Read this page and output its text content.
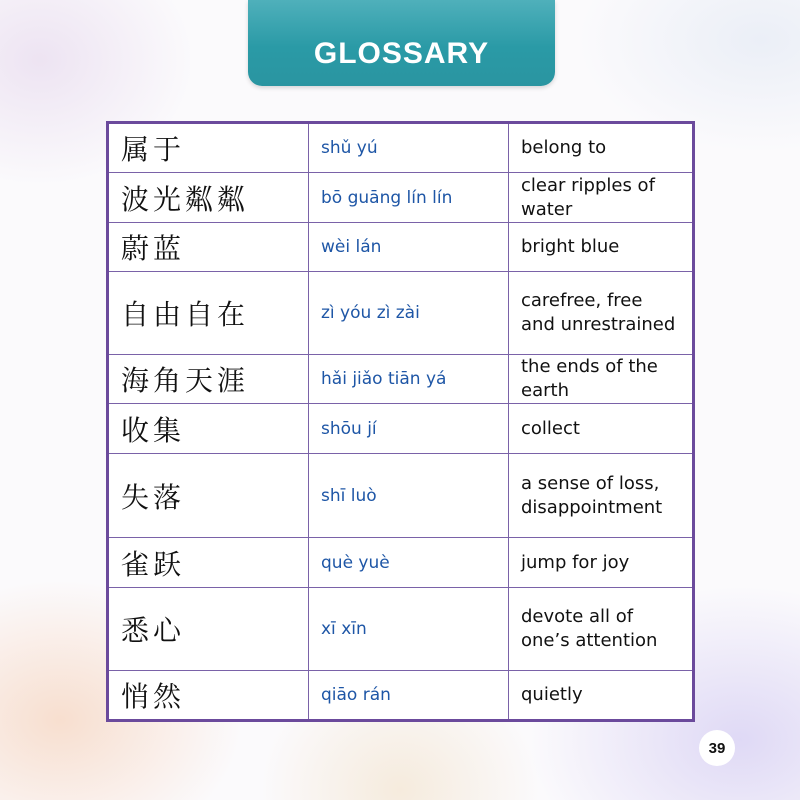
GLOSSARY
属于	shǔ yú	belong to
波光粼粼	bō guāng lín lín	clear ripples of water
蔚蓝	wèi lán	bright blue
自由自在	zì yóu zì zài	carefree, free and unrestrained
海角天涯	hǎi jiǎo tiān yá	the ends of the earth
收集	shōu jí	collect
失落	shī luò	a sense of loss, disappointment
雀跃	què yuè	jump for joy
悉心	xī xīn	devote all of one’s attention
悄然	qiāo rán	quietly
39
